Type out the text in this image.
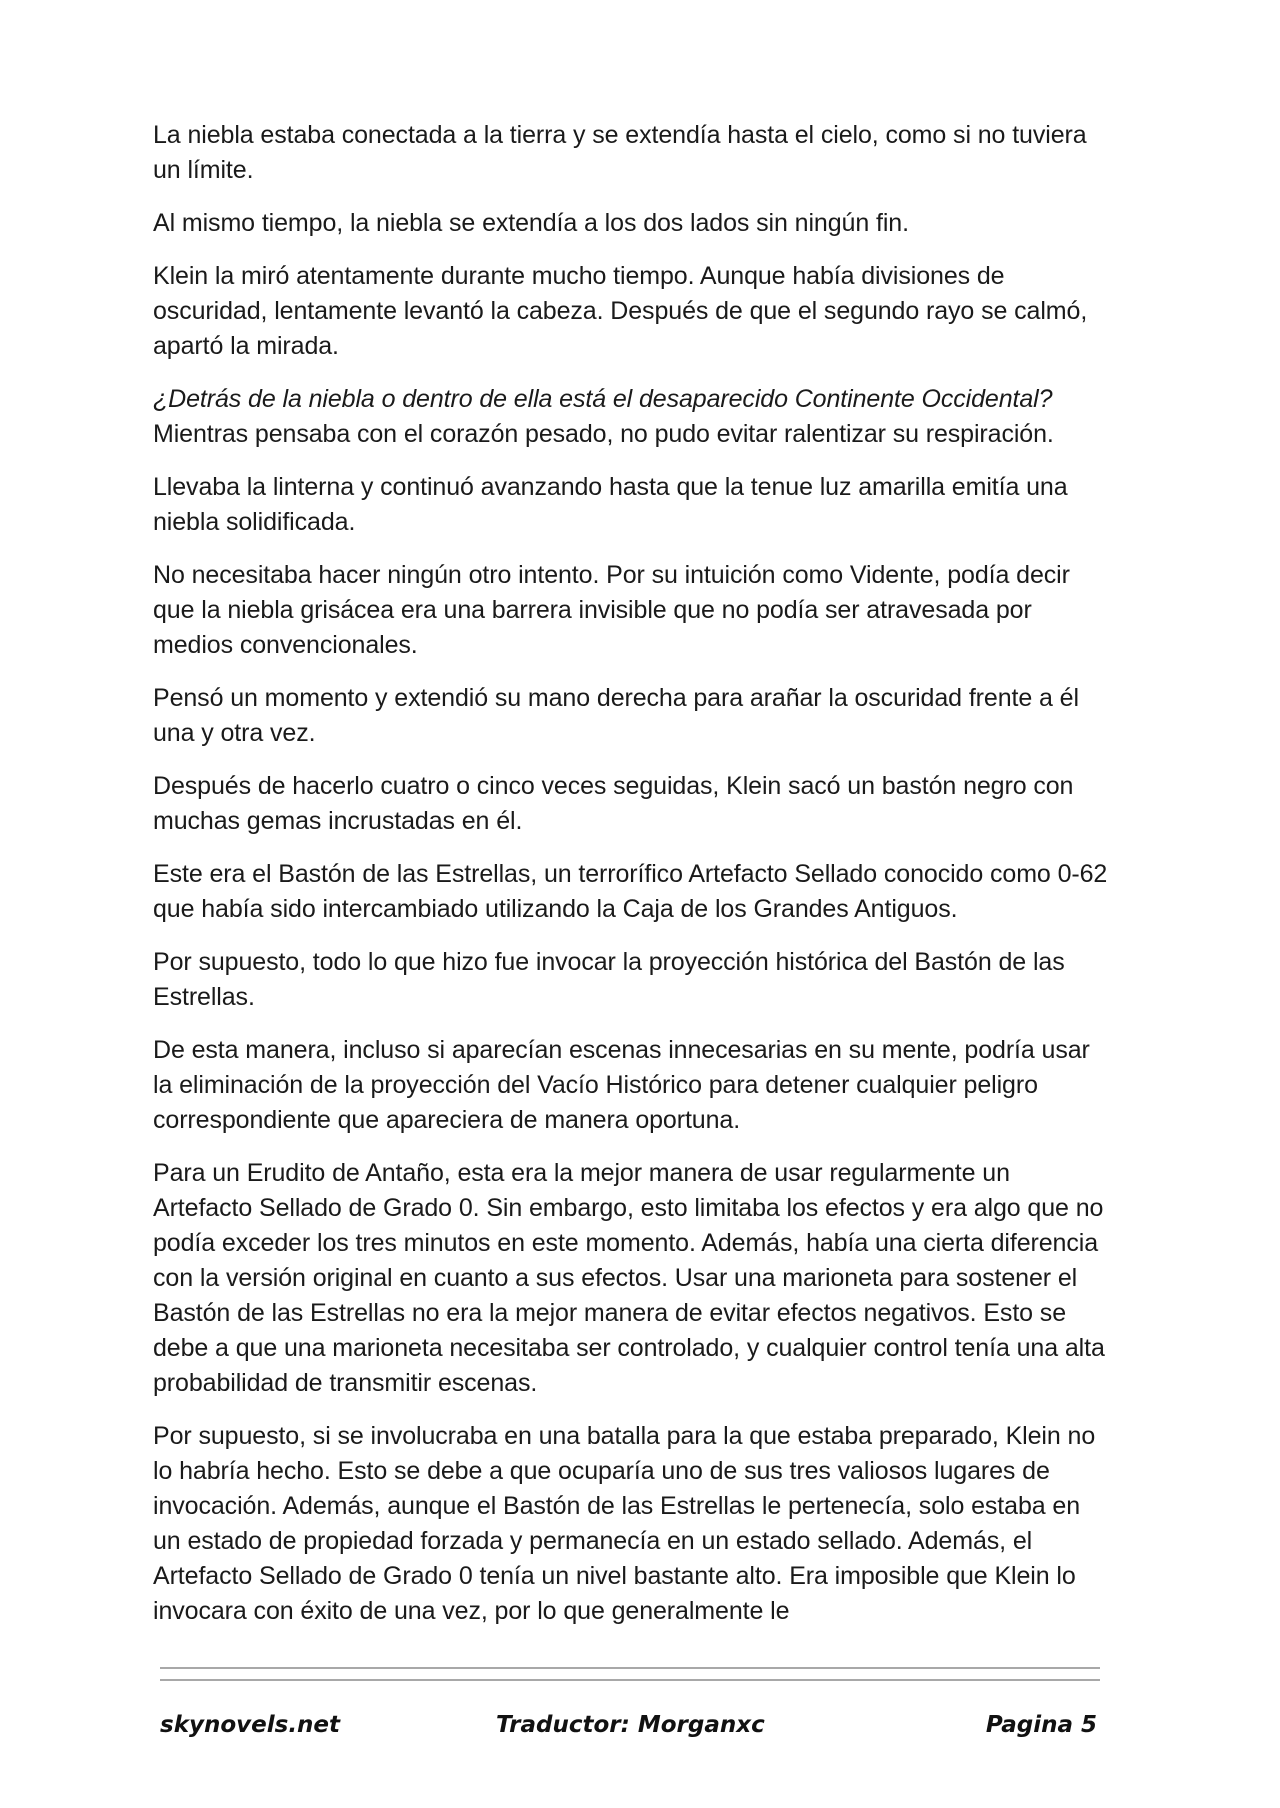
La niebla estaba conectada a la tierra y se extendía hasta el cielo, como si no tuviera un límite.

Al mismo tiempo, la niebla se extendía a los dos lados sin ningún fin.

Klein la miró atentamente durante mucho tiempo. Aunque había divisiones de oscuridad, lentamente levantó la cabeza. Después de que el segundo rayo se calmó, apartó la mirada.

¿Detrás de la niebla o dentro de ella está el desaparecido Continente Occidental? Mientras pensaba con el corazón pesado, no pudo evitar ralentizar su respiración.

Llevaba la linterna y continuó avanzando hasta que la tenue luz amarilla emitía una niebla solidificada.

No necesitaba hacer ningún otro intento. Por su intuición como Vidente, podía decir que la niebla grisácea era una barrera invisible que no podía ser atravesada por medios convencionales.

Pensó un momento y extendió su mano derecha para arañar la oscuridad frente a él una y otra vez.

Después de hacerlo cuatro o cinco veces seguidas, Klein sacó un bastón negro con muchas gemas incrustadas en él.

Este era el Bastón de las Estrellas, un terrorífico Artefacto Sellado conocido como 0-62 que había sido intercambiado utilizando la Caja de los Grandes Antiguos.

Por supuesto, todo lo que hizo fue invocar la proyección histórica del Bastón de las Estrellas.

De esta manera, incluso si aparecían escenas innecesarias en su mente, podría usar la eliminación de la proyección del Vacío Histórico para detener cualquier peligro correspondiente que apareciera de manera oportuna.

Para un Erudito de Antaño, esta era la mejor manera de usar regularmente un Artefacto Sellado de Grado 0. Sin embargo, esto limitaba los efectos y era algo que no podía exceder los tres minutos en este momento. Además, había una cierta diferencia con la versión original en cuanto a sus efectos. Usar una marioneta para sostener el Bastón de las Estrellas no era la mejor manera de evitar efectos negativos. Esto se debe a que una marioneta necesitaba ser controlado, y cualquier control tenía una alta probabilidad de transmitir escenas.

Por supuesto, si se involucraba en una batalla para la que estaba preparado, Klein no lo habría hecho. Esto se debe a que ocuparía uno de sus tres valiosos lugares de invocación. Además, aunque el Bastón de las Estrellas le pertenecía, solo estaba en un estado de propiedad forzada y permanecía en un estado sellado. Además, el Artefacto Sellado de Grado 0 tenía un nivel bastante alto. Era imposible que Klein lo invocara con éxito de una vez, por lo que generalmente le

skynovels.net	Traductor: Morganxc	Pagina 5
